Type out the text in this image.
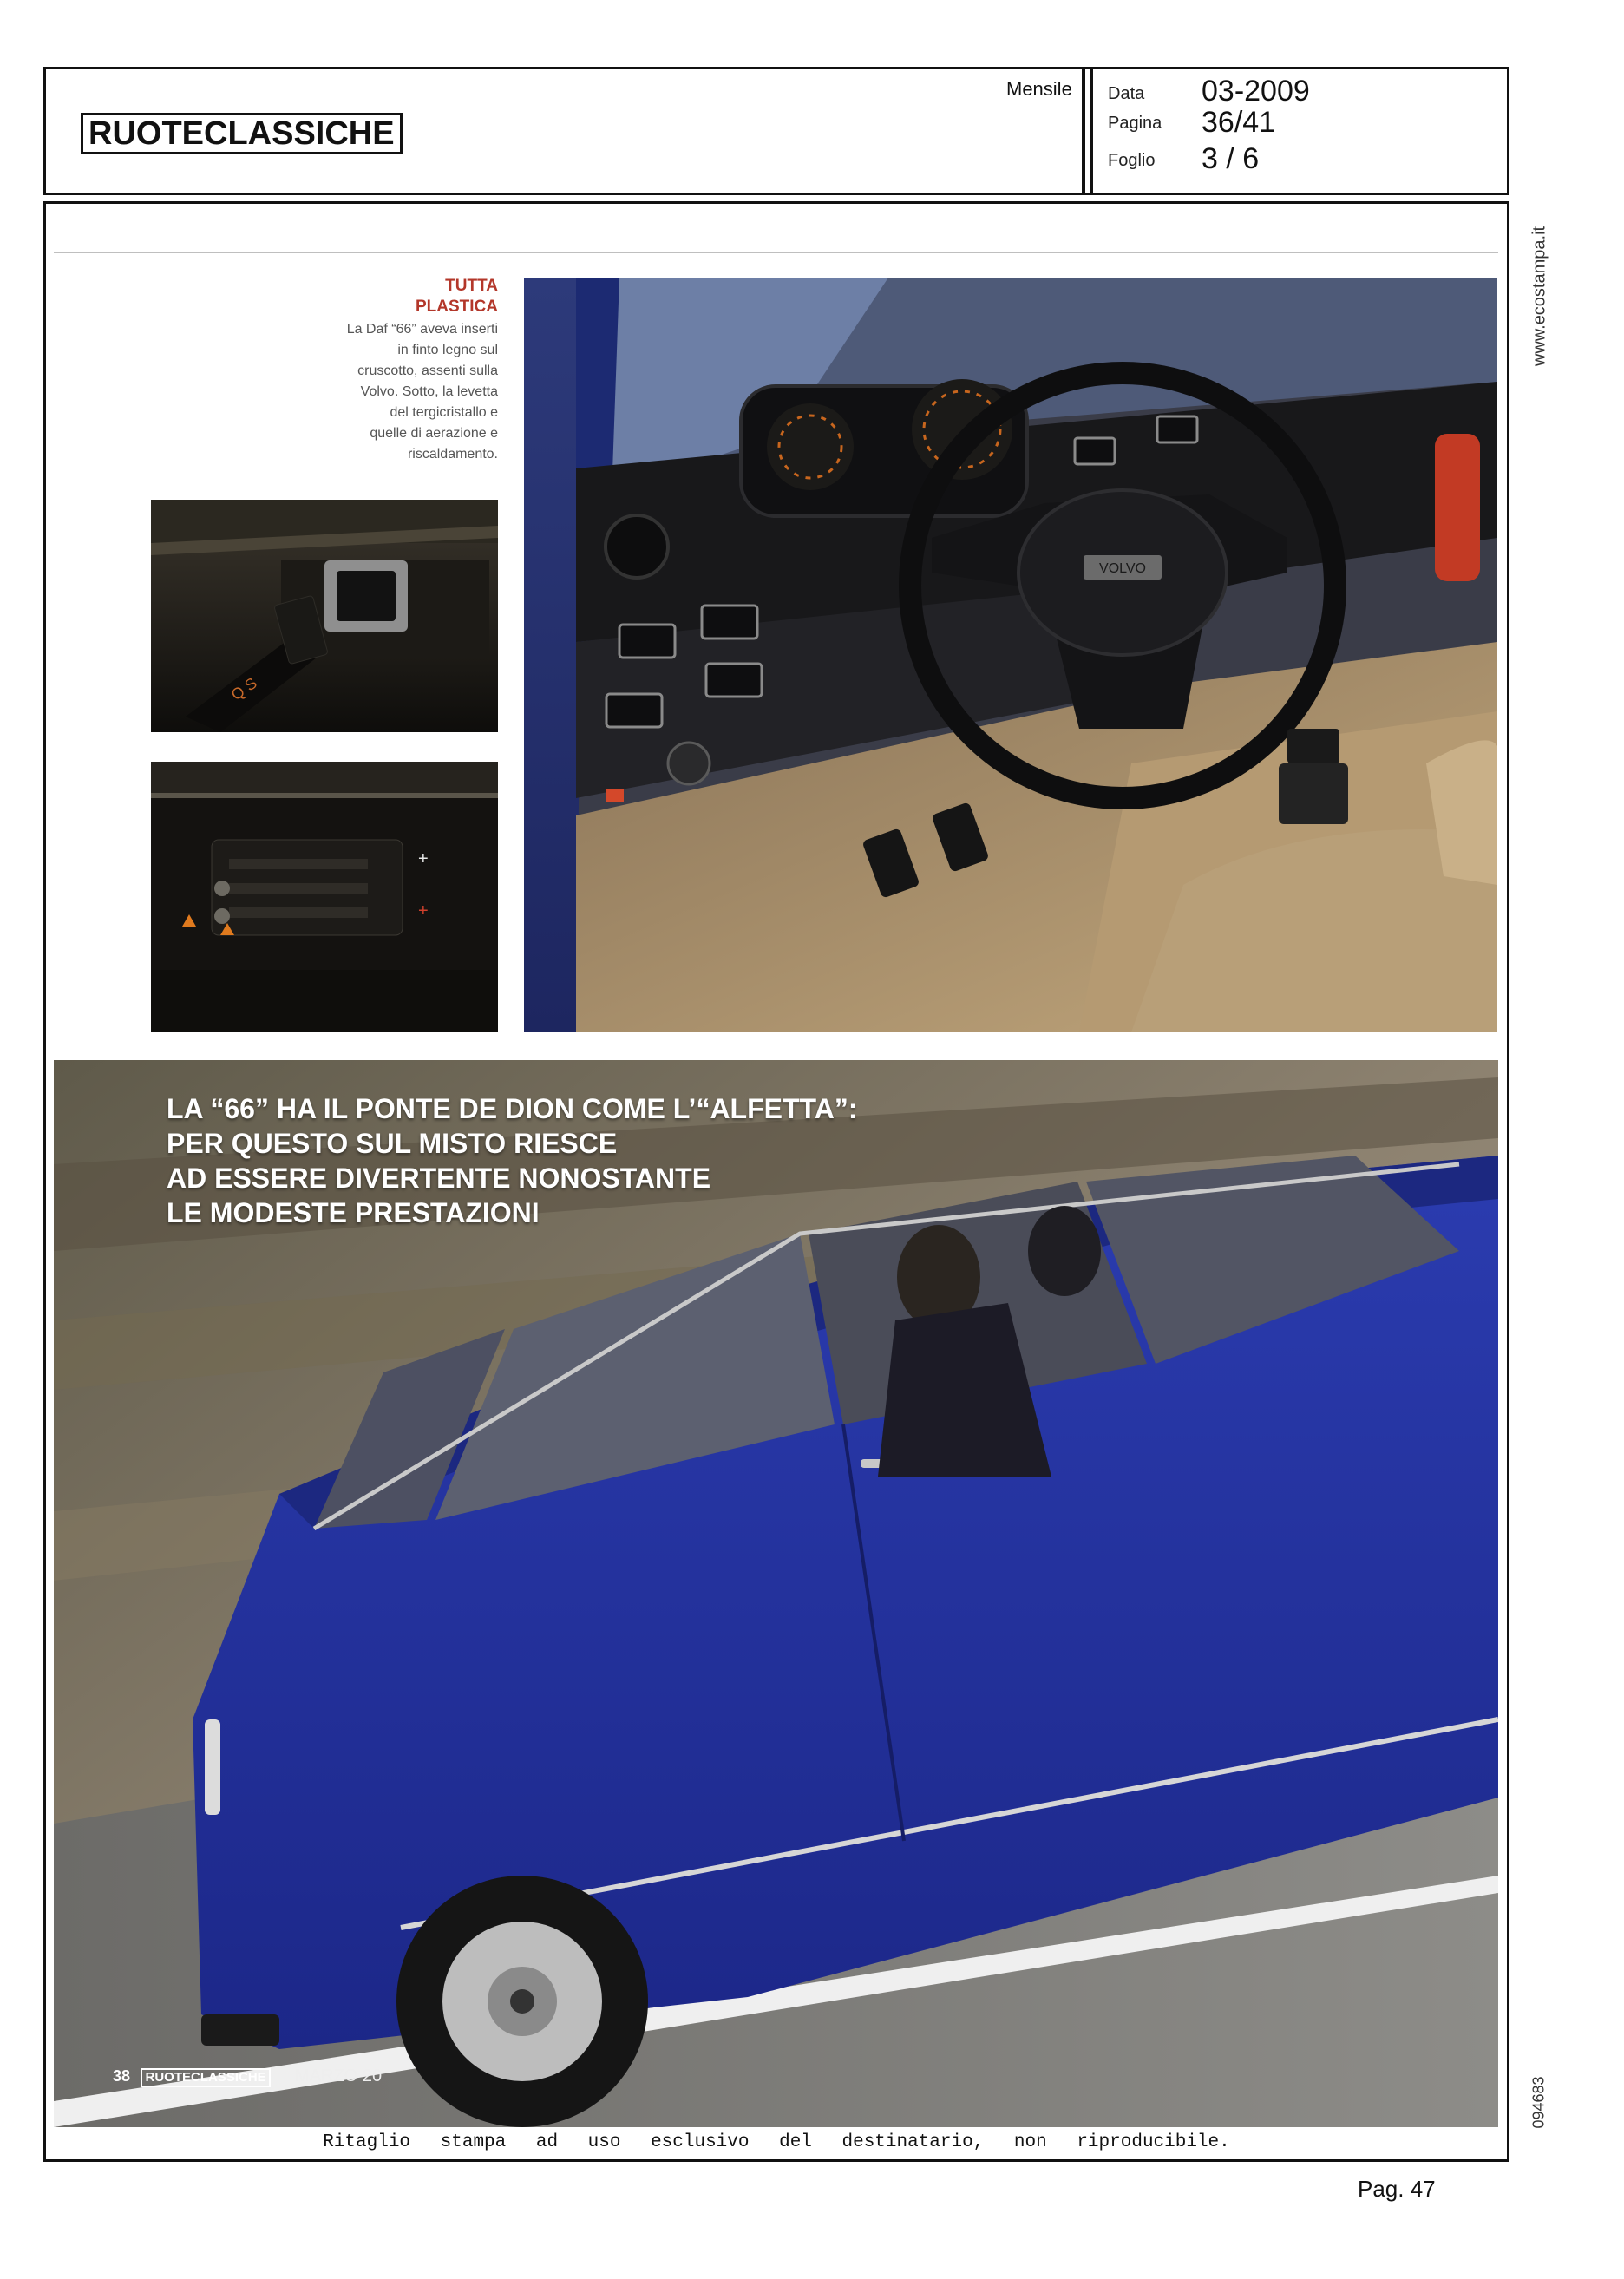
RUOTECLASSICHE
Mensile Data 03-2009
Pagina 36/41
Foglio 3 / 6
www.ecostampa.it
094683
TUTTA
PLASTICA
La Daf “66” aveva inserti
in finto legno sul
cruscotto, assenti sulla
Volvo. Sotto, la levetta
del tergicristallo e
quelle di aerazione e
riscaldamento.
Q S
+
+
VOLVO
LA “66” HA IL PONTE DE DION COME L’“ALFETTA”:
PER QUESTO SUL MISTO RIESCE
AD ESSERE DIVERTENTE NONOSTANTE
LE MODESTE PRESTAZIONI
38 RUOTECLASSICHE MARZO 20
Ritaglio stampa ad uso esclusivo del destinatario, non riproducibile.
Pag. 47
